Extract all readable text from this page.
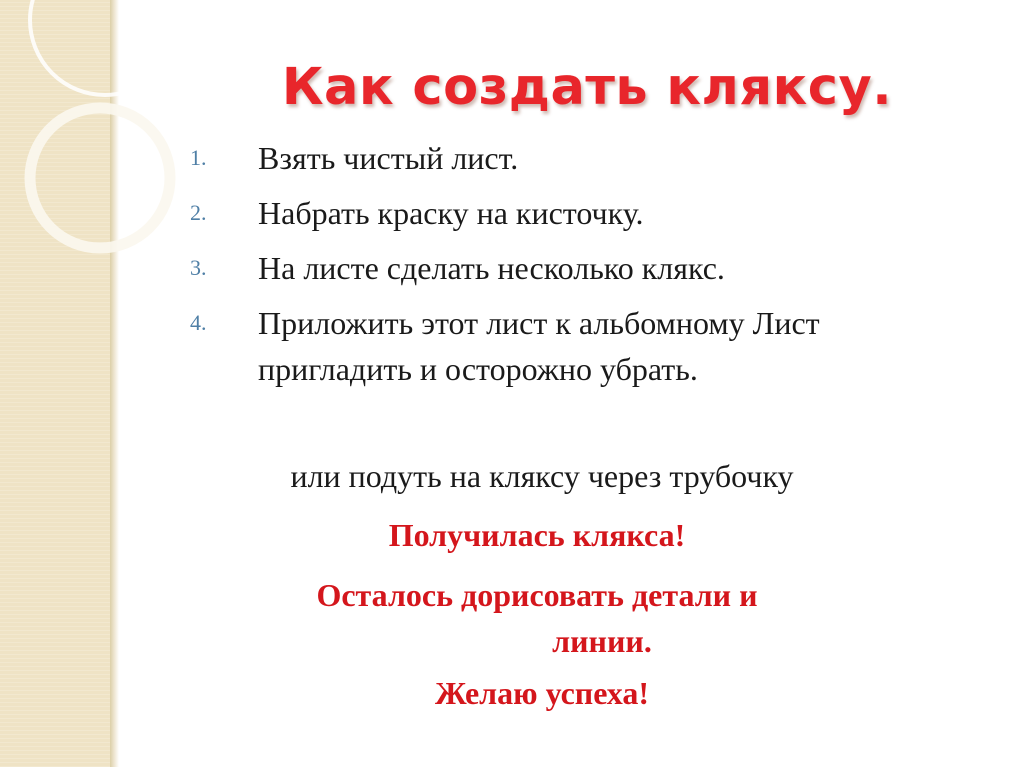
Как создать кляксу.
1. Взять чистый лист.
2. Набрать краску на кисточку.
3. На листе сделать несколько клякс.
4. Приложить этот лист к альбомному Лист пригладить и осторожно убрать.
или подуть на кляксу через трубочку
Получилась клякса!
Осталось дорисовать детали и
линии.
Желаю успеха!
